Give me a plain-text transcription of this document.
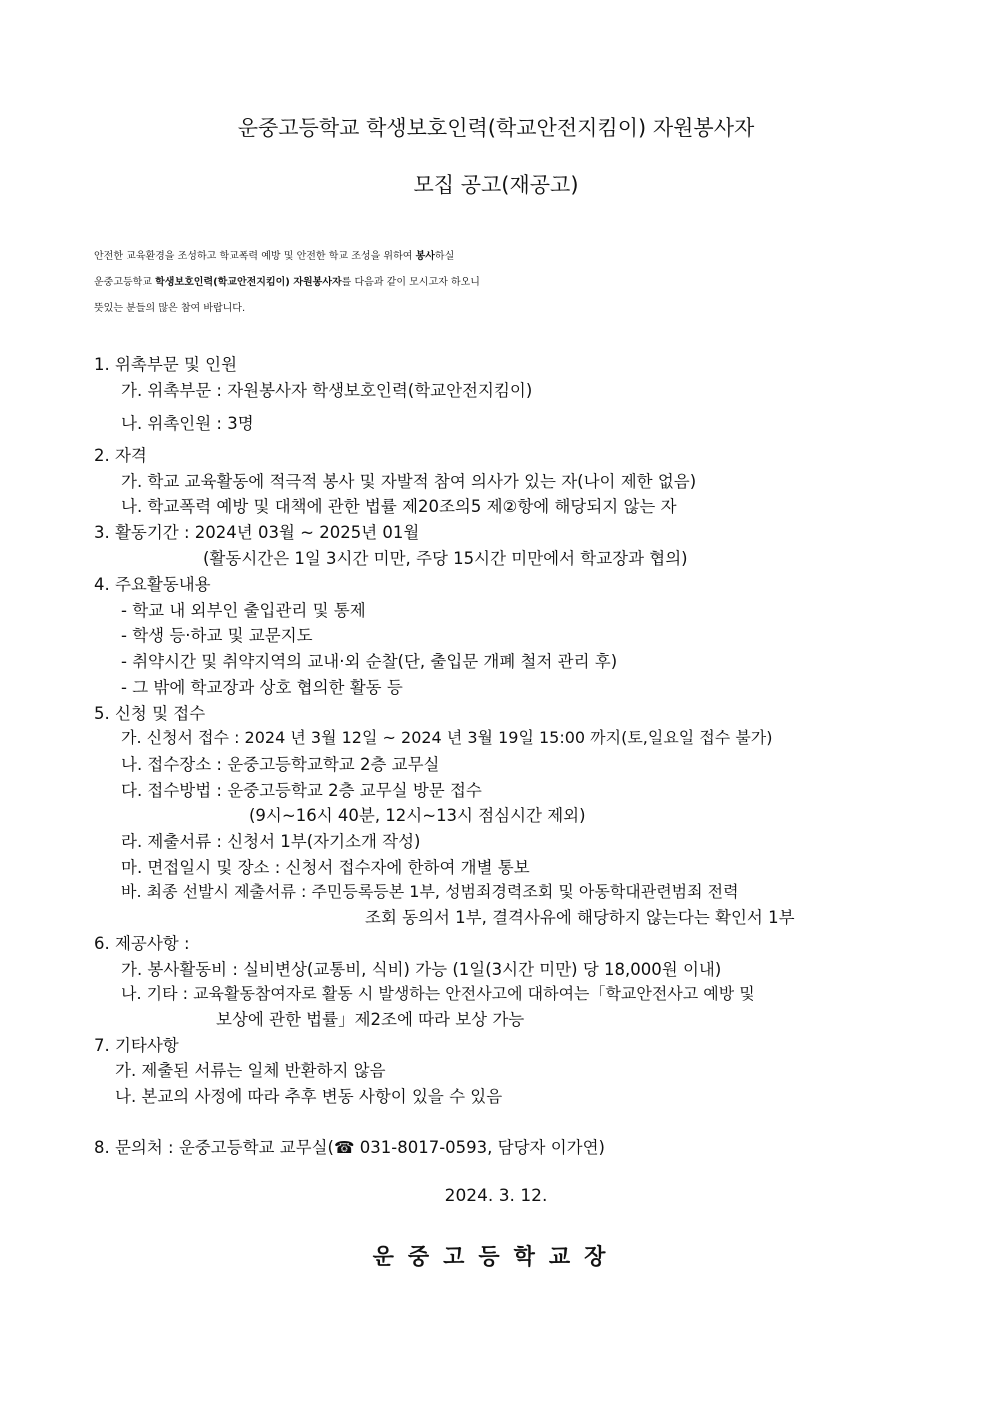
운중고등학교 학생보호인력(학교안전지킴이) 자원봉사자
모집 공고(재공고)
안전한 교육환경을 조성하고 학교폭력 예방 및 안전한 학교 조성을 위하여 봉사하실
운중고등학교 학생보호인력(학교안전지킴이) 자원봉사자를 다음과 같이 모시고자 하오니
뜻있는 분들의 많은 참여 바랍니다.
1. 위촉부문 및 인원
가. 위촉부문 : 자원봉사자 학생보호인력(학교안전지킴이)
나. 위촉인원 : 3명
2. 자격
가. 학교 교육활동에 적극적 봉사 및 자발적 참여 의사가 있는 자(나이 제한 없음)
나. 학교폭력 예방 및 대책에 관한 법률 제20조의5 제②항에 해당되지 않는 자
3. 활동기간 : 2024년 03월 ~ 2025년 01월
(활동시간은 1일 3시간 미만, 주당 15시간 미만에서 학교장과 협의)
4. 주요활동내용
- 학교 내 외부인 출입관리 및 통제
- 학생 등·하교 및 교문지도
- 취약시간 및 취약지역의 교내·외 순찰(단, 출입문 개폐 철저 관리 후)
- 그 밖에 학교장과 상호 협의한 활동 등
5. 신청 및 접수
가. 신청서 접수 : 2024 년 3월 12일 ~ 2024 년 3월 19일 15:00 까지(토,일요일 접수 불가)
나. 접수장소 : 운중고등학교학교 2층 교무실
다. 접수방법 : 운중고등학교 2층 교무실 방문 접수
(9시~16시 40분, 12시~13시 점심시간 제외)
라. 제출서류 : 신청서 1부(자기소개 작성)
마. 면접일시 및 장소 : 신청서 접수자에 한하여 개별 통보
바. 최종 선발시 제출서류 : 주민등록등본 1부, 성범죄경력조회 및 아동학대관련범죄 전력
조회 동의서 1부, 결격사유에 해당하지 않는다는 확인서 1부
6. 제공사항 :
가. 봉사활동비 : 실비변상(교통비, 식비) 가능 (1일(3시간 미만) 당 18,000원 이내)
나. 기타 : 교육활동참여자로 활동 시 발생하는 안전사고에 대하여는「학교안전사고 예방 및
보상에 관한 법률」제2조에 따라 보상 가능
7. 기타사항
가. 제출된 서류는 일체 반환하지 않음
나. 본교의 사정에 따라 추후 변동 사항이 있을 수 있음
8. 문의처 : 운중고등학교 교무실(☎ 031-8017-0593, 담당자 이가연)
2024. 3. 12.
운중고등학교장
